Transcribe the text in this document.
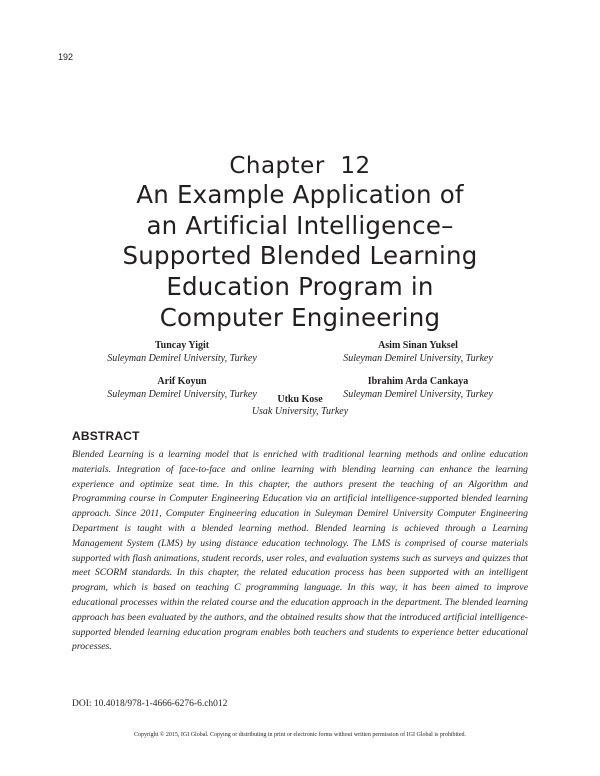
192
Chapter  12
An Example Application of
an Artificial Intelligence–
Supported Blended Learning
Education Program in
Computer Engineering
Tuncay Yigit
Suleyman Demirel University, Turkey
Asim Sinan Yuksel
Suleyman Demirel University, Turkey
Arif Koyun
Suleyman Demirel University, Turkey
Ibrahim Arda Cankaya
Suleyman Demirel University, Turkey
Utku Kose
Usak University, Turkey
ABSTRACT
Blended Learning is a learning model that is enriched with traditional learning methods and online education materials. Integration of face-to-face and online learning with blending learning can enhance the learning experience and optimize seat time. In this chapter, the authors present the teaching of an Algorithm and Programming course in Computer Engineering Education via an artificial intelligence-supported blended learning approach. Since 2011, Computer Engineering education in Suleyman Demirel University Computer Engineering Department is taught with a blended learning method. Blended learning is achieved through a Learning Management System (LMS) by using distance education technology. The LMS is comprised of course materials supported with flash animations, student records, user roles, and evaluation systems such as surveys and quizzes that meet SCORM standards. In this chapter, the related education process has been supported with an intelligent program, which is based on teaching C programming language. In this way, it has been aimed to improve educational processes within the related course and the education approach in the department. The blended learning approach has been evaluated by the authors, and the obtained results show that the introduced artificial intelligence-supported blended learning education program enables both teachers and students to experience better educational processes.
DOI: 10.4018/978-1-4666-6276-6.ch012
Copyright © 2015, IGI Global. Copying or distributing in print or electronic forms without written permission of IGI Global is prohibited.
